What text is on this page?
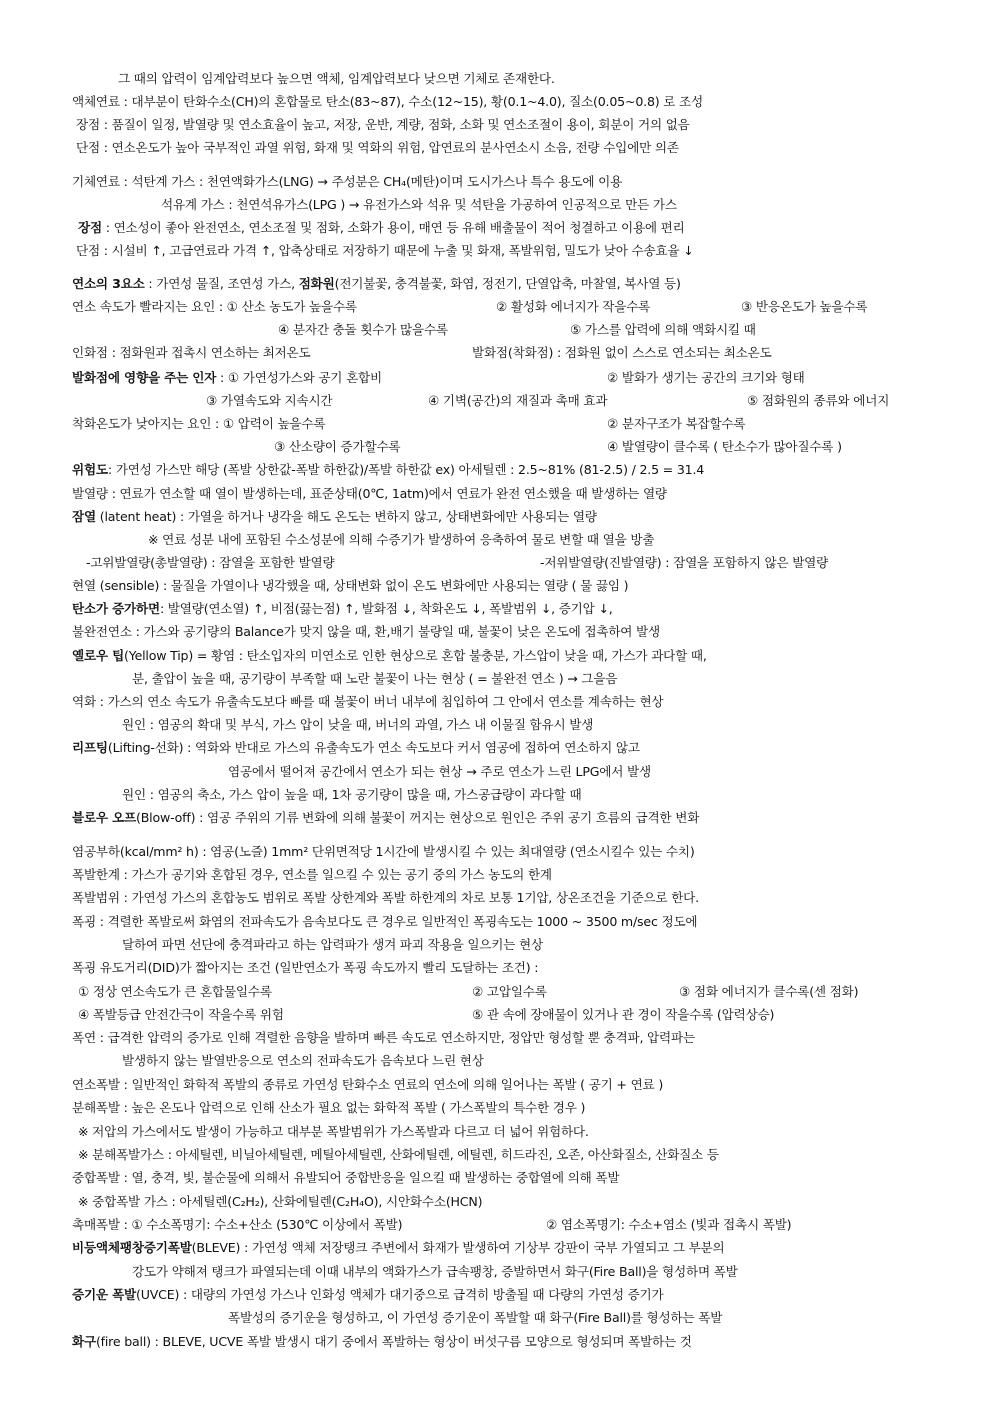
그 때의 압력이 임계압력보다 높으면 액체, 임계압력보다 낮으면 기체로 존재한다.
액체연료 : 대부분이 탄화수소(CH)의 혼합물로 탄소(83~87), 수소(12~15), 황(0.1~4.0), 질소(0.05~0.8) 로 조성
장점 : 품질이 일정, 발열량 및 연소효율이 높고, 저장, 운반, 계량, 점화, 소화 및 연소조절이 용이, 회분이 거의 없음
단점 : 연소온도가 높아 국부적인 과열 위험, 화재 및 역화의 위험, 압연료의 분사연소시 소음, 전량 수입에만 의존
기체연료 : 석탄계 가스 : 천연액화가스(LNG) → 주성분은 CH₄(메탄)이며 도시가스나 특수 용도에 이용
석유계 가스 : 천연석유가스(LPG ) → 유전가스와 석유 및 석탄을 가공하여 인공적으로 만든 가스
장점 : 연소성이 좋아 완전연소, 연소조절 및 점화, 소화가 용이, 매연 등 유해 배출물이 적어 청결하고 이용에 편리
단점 : 시설비 ↑, 고급연료라 가격 ↑, 압축상태로 저장하기 때문에 누출 및 화재, 폭발위험, 밀도가 낮아 수송효율 ↓
연소의 3요소 : 가연성 물질, 조연성 가스, 점화원(전기불꽃, 충격불꽃, 화염, 정전기, 단열압축, 마찰열, 복사열 등)
연소 속도가 빨라지는 요인 : ① 산소 농도가 높을수록	② 활성화 에너지가 작을수록	③ 반응온도가 높을수록
④ 분자간 충돌 횟수가 많을수록	⑤ 가스를 압력에 의해 액화시킬 때
인화점 : 점화원과 접촉시 연소하는 최저온도	발화점(착화점) : 점화원 없이 스스로 연소되는 최소온도
발화점에 영향을 주는 인자 : ① 가연성가스와 공기 혼합비	② 발화가 생기는 공간의 크기와 형태
③ 가열속도와 지속시간	④ 기벽(공간)의 재질과 촉매 효과	⑤ 점화원의 종류와 에너지
착화온도가 낮아지는 요인 : ① 압력이 높을수록	② 분자구조가 복잡할수록
③ 산소량이 증가할수록	④ 발열량이 클수록 ( 탄소수가 많아질수록 )
위험도: 가연성 가스만 해당 (폭발 상한값-폭발 하한값)/폭발 하한값 ex) 아세틸렌 : 2.5~81% (81-2.5) / 2.5 = 31.4
발열량 : 연료가 연소할 때 열이 발생하는데, 표준상태(0℃, 1atm)에서 연료가 완전 연소했을 때 발생하는 열량
잠열 (latent heat) : 가열을 하거나 냉각을 해도 온도는 변하지 않고, 상태변화에만 사용되는 열량
※ 연료 성분 내에 포함된 수소성분에 의해 수증기가 발생하여 응축하여 물로 변할 때 열을 방출
-고위발열량(총발열량) : 잠열을 포함한 발열량	-저위발열량(진발열량) : 잠열을 포함하지 않은 발열량
현열 (sensible) : 물질을 가열이나 냉각했을 때, 상태변화 없이 온도 변화에만 사용되는 열량 ( 물 끓임 )
탄소가 증가하면: 발열량(연소열) ↑, 비점(끓는점) ↑, 발화점 ↓, 착화온도 ↓, 폭발범위 ↓, 증기압 ↓,
불완전연소 : 가스와 공기량의 Balance가 맞지 않을 때, 환,배기 불량일 때, 불꽃이 낮은 온도에 접촉하여 발생
옐로우 팁(Yellow Tip) = 황염 : 탄소입자의 미연소로 인한 현상으로 혼합 불충분, 가스압이 낮을 때, 가스가 과다할 때,
분, 출압이 높을 때, 공기량이 부족할 때 노란 불꽃이 나는 현상 ( = 불완전 연소 ) → 그을음
역화 : 가스의 연소 속도가 유출속도보다 빠를 때 불꽃이 버너 내부에 침입하여 그 안에서 연소를 계속하는 현상
원인 : 염공의 확대 및 부식, 가스 압이 낮을 때, 버너의 과열, 가스 내 이물질 함유시 발생
리프팅(Lifting-선화) : 역화와 반대로 가스의 유출속도가 연소 속도보다 커서 염공에 접하여 연소하지 않고
염공에서 떨어져 공간에서 연소가 되는 현상 → 주로 연소가 느린 LPG에서 발생
원인 : 염공의 축소, 가스 압이 높을 때, 1차 공기량이 많을 때, 가스공급량이 과다할 때
블로우 오프(Blow-off) : 염공 주위의 기류 변화에 의해 불꽃이 꺼지는 현상으로 원인은 주위 공기 흐름의 급격한 변화
염공부하(kcal/mm² h) : 염공(노즐) 1mm² 단위면적당 1시간에 발생시킬 수 있는 최대열량 (연소시킬수 있는 수치)
폭발한계 : 가스가 공기와 혼합된 경우, 연소를 일으킬 수 있는 공기 중의 가스 농도의 한계
폭발범위 : 가연성 가스의 혼합농도 범위로 폭발 상한계와 폭발 하한계의 차로 보통 1기압, 상온조건을 기준으로 한다.
폭굉 : 격렬한 폭발로써 화염의 전파속도가 음속보다도 큰 경우로 일반적인 폭굉속도는 1000 ~ 3500 m/sec 정도에
달하여 파면 선단에 충격파라고 하는 압력파가 생겨 파괴 작용을 일으키는 현상
폭굉 유도거리(DID)가 짧아지는 조건 (일반연소가 폭굉 속도까지 빨리 도달하는 조건) :
① 정상 연소속도가 큰 혼합물일수록	② 고압일수록	③ 점화 에너지가 클수록(센 점화)
④ 폭발등급 안전간극이 작을수록 위험	⑤ 관 속에 장애물이 있거나 관 경이 작을수록 (압력상승)
폭연 : 급격한 압력의 증가로 인해 격렬한 음향을 발하며 빠른 속도로 연소하지만, 정압만 형성할 뿐 충격파, 압력파는
발생하지 않는 발열반응으로 연소의 전파속도가 음속보다 느린 현상
연소폭발 : 일반적인 화학적 폭발의 종류로 가연성 탄화수소 연료의 연소에 의해 일어나는 폭발 ( 공기 + 연료 )
분해폭발 : 높은 온도나 압력으로 인해 산소가 필요 없는 화학적 폭발 ( 가스폭발의 특수한 경우 )
※ 저압의 가스에서도 발생이 가능하고 대부분 폭발범위가 가스폭발과 다르고 더 넓어 위험하다.
※ 분해폭발가스 : 아세틸렌, 비닐아세틸렌, 메틸아세틸렌, 산화에틸렌, 에틸렌, 히드라진, 오존, 아산화질소, 산화질소 등
중합폭발 : 열, 충격, 빛, 불순물에 의해서 유발되어 중합반응을 일으킬 때 발생하는 중합열에 의해 폭발
※ 중합폭발 가스 : 아세틸렌(C₂H₂), 산화에틸렌(C₂H₄O), 시안화수소(HCN)
촉매폭발 : ① 수소폭명기: 수소+산소 (530℃ 이상에서 폭발)	② 염소폭명기: 수소+염소 (빛과 접촉시 폭발)
비등액체팽창증기폭발(BLEVE) : 가연성 액체 저장탱크 주변에서 화재가 발생하여 기상부 강판이 국부 가열되고 그 부분의
강도가 약해져 탱크가 파열되는데 이때 내부의 액화가스가 급속팽창, 증발하면서 화구(Fire Ball)을 형성하며 폭발
증기운 폭발(UVCE) : 대량의 가연성 가스나 인화성 액체가 대기중으로 급격히 방출될 때 다량의 가연성 증기가
폭발성의 증기운을 형성하고, 이 가연성 증기운이 폭발할 때 화구(Fire Ball)를 형성하는 폭발
화구(fire ball) : BLEVE, UCVE 폭발 발생시 대기 중에서 폭발하는 형상이 버섯구름 모양으로 형성되며 폭발하는 것
